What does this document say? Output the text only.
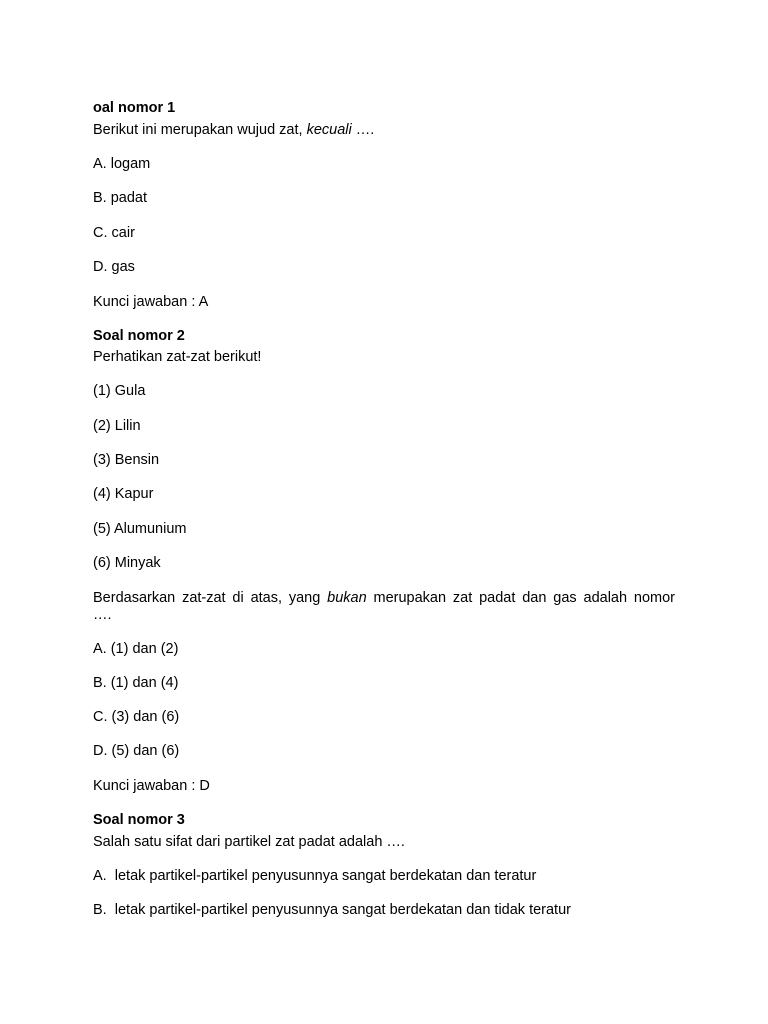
oal nomor 1
Berikut ini merupakan wujud zat, kecuali ….
A. logam
B. padat
C. cair
D. gas
Kunci jawaban : A
Soal nomor 2
Perhatikan zat-zat berikut!
(1) Gula
(2) Lilin
(3) Bensin
(4) Kapur
(5) Alumunium
(6) Minyak
Berdasarkan zat-zat di atas, yang bukan merupakan zat padat dan gas adalah nomor
….
A. (1) dan (2)
B. (1) dan (4)
C. (3) dan (6)
D. (5) dan (6)
Kunci jawaban : D
Soal nomor 3
Salah satu sifat dari partikel zat padat adalah ….
A.  letak partikel-partikel penyusunnya sangat berdekatan dan teratur
B.  letak partikel-partikel penyusunnya sangat berdekatan dan tidak teratur
